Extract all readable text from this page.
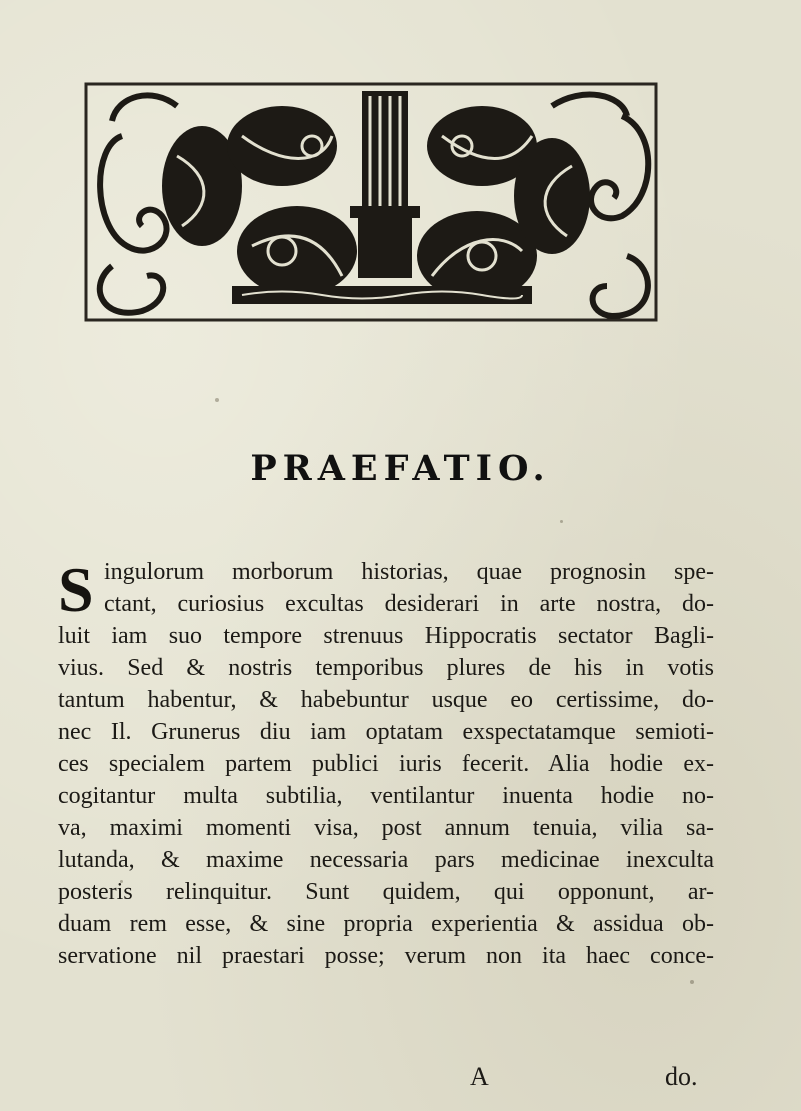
PRAEFATIO.
S ingulorum morborum historias, quae prognosin spe-
ctant, curiosius excultas desiderari in arte nostra, do-
luit iam suo tempore strenuus Hippocratis sectator Bagli-
vius. Sed & nostris temporibus plures de his in votis
tantum habentur, & habebuntur usque eo certissime, do-
nec Il. Grunerus diu iam optatam exspectatamque semioti-
ces specialem partem publici iuris fecerit. Alia hodie ex-
cogitantur multa subtilia, ventilantur inuenta hodie no-
va, maximi momenti visa, post annum tenuia, vilia sa-
lutanda, & maxime necessaria pars medicinae inexculta
posteris relinquitur. Sunt quidem, qui opponunt, ar-
duam rem esse, & sine propria experientia & assidua ob-
servatione nil praestari posse; verum non ita haec conce-
A	do.
